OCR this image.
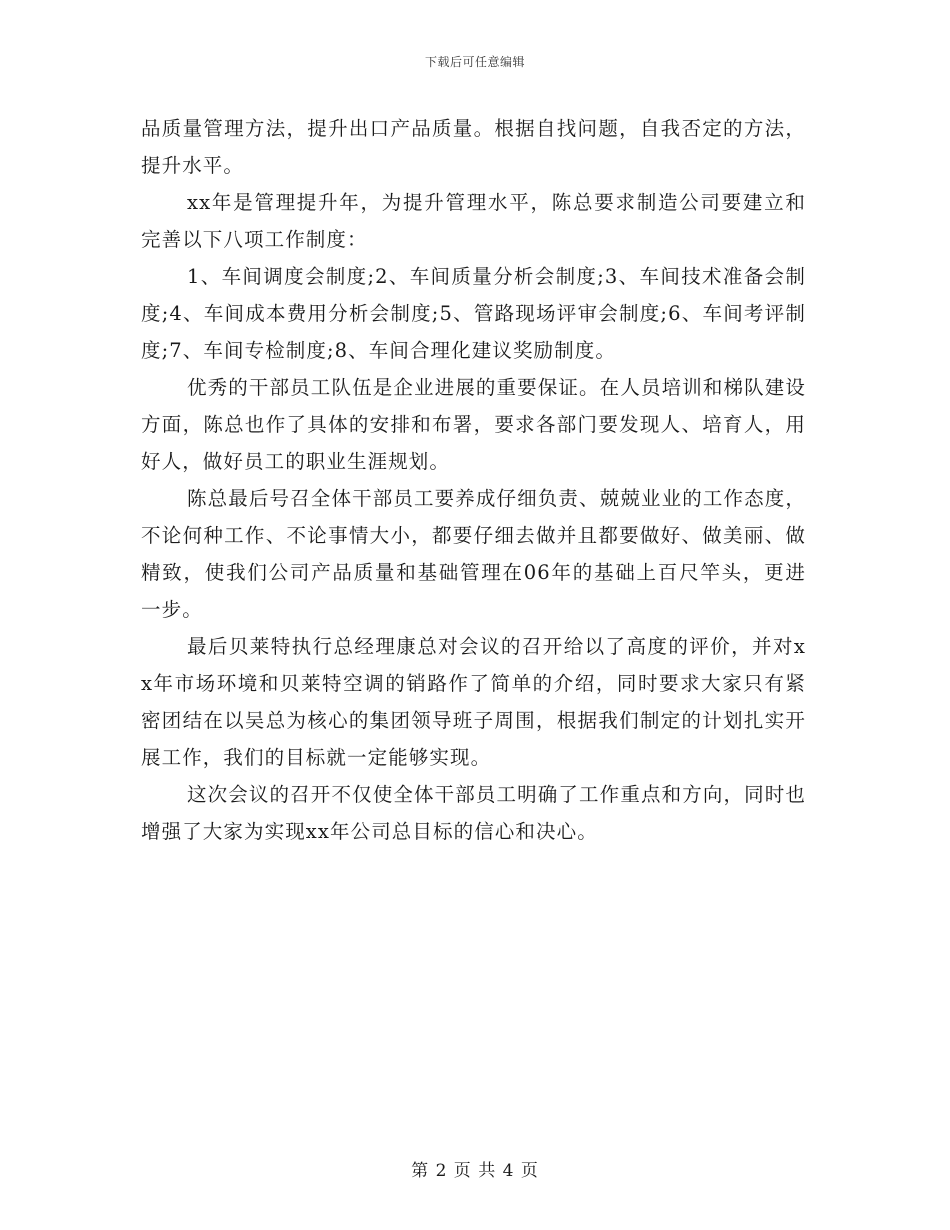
下载后可任意编辑

品质量管理方法，提升出口产品质量。根据自找问题，自我否定的方法，提升水平。

xx年是管理提升年，为提升管理水平，陈总要求制造公司要建立和完善以下八项工作制度：

1、车间调度会制度;2、车间质量分析会制度;3、车间技术准备会制度;4、车间成本费用分析会制度;5、管路现场评审会制度;6、车间考评制度;7、车间专检制度;8、车间合理化建议奖励制度。

优秀的干部员工队伍是企业进展的重要保证。在人员培训和梯队建设方面，陈总也作了具体的安排和布署，要求各部门要发现人、培育人，用好人，做好员工的职业生涯规划。

陈总最后号召全体干部员工要养成仔细负责、兢兢业业的工作态度，不论何种工作、不论事情大小，都要仔细去做并且都要做好、做美丽、做精致，使我们公司产品质量和基础管理在06年的基础上百尺竿头，更进一步。

最后贝莱特执行总经理康总对会议的召开给以了高度的评价，并对xx年市场环境和贝莱特空调的销路作了简单的介绍，同时要求大家只有紧密团结在以吴总为核心的集团领导班子周围，根据我们制定的计划扎实开展工作，我们的目标就一定能够实现。

这次会议的召开不仅使全体干部员工明确了工作重点和方向，同时也增强了大家为实现xx年公司总目标的信心和决心。

第 2 页 共 4 页
